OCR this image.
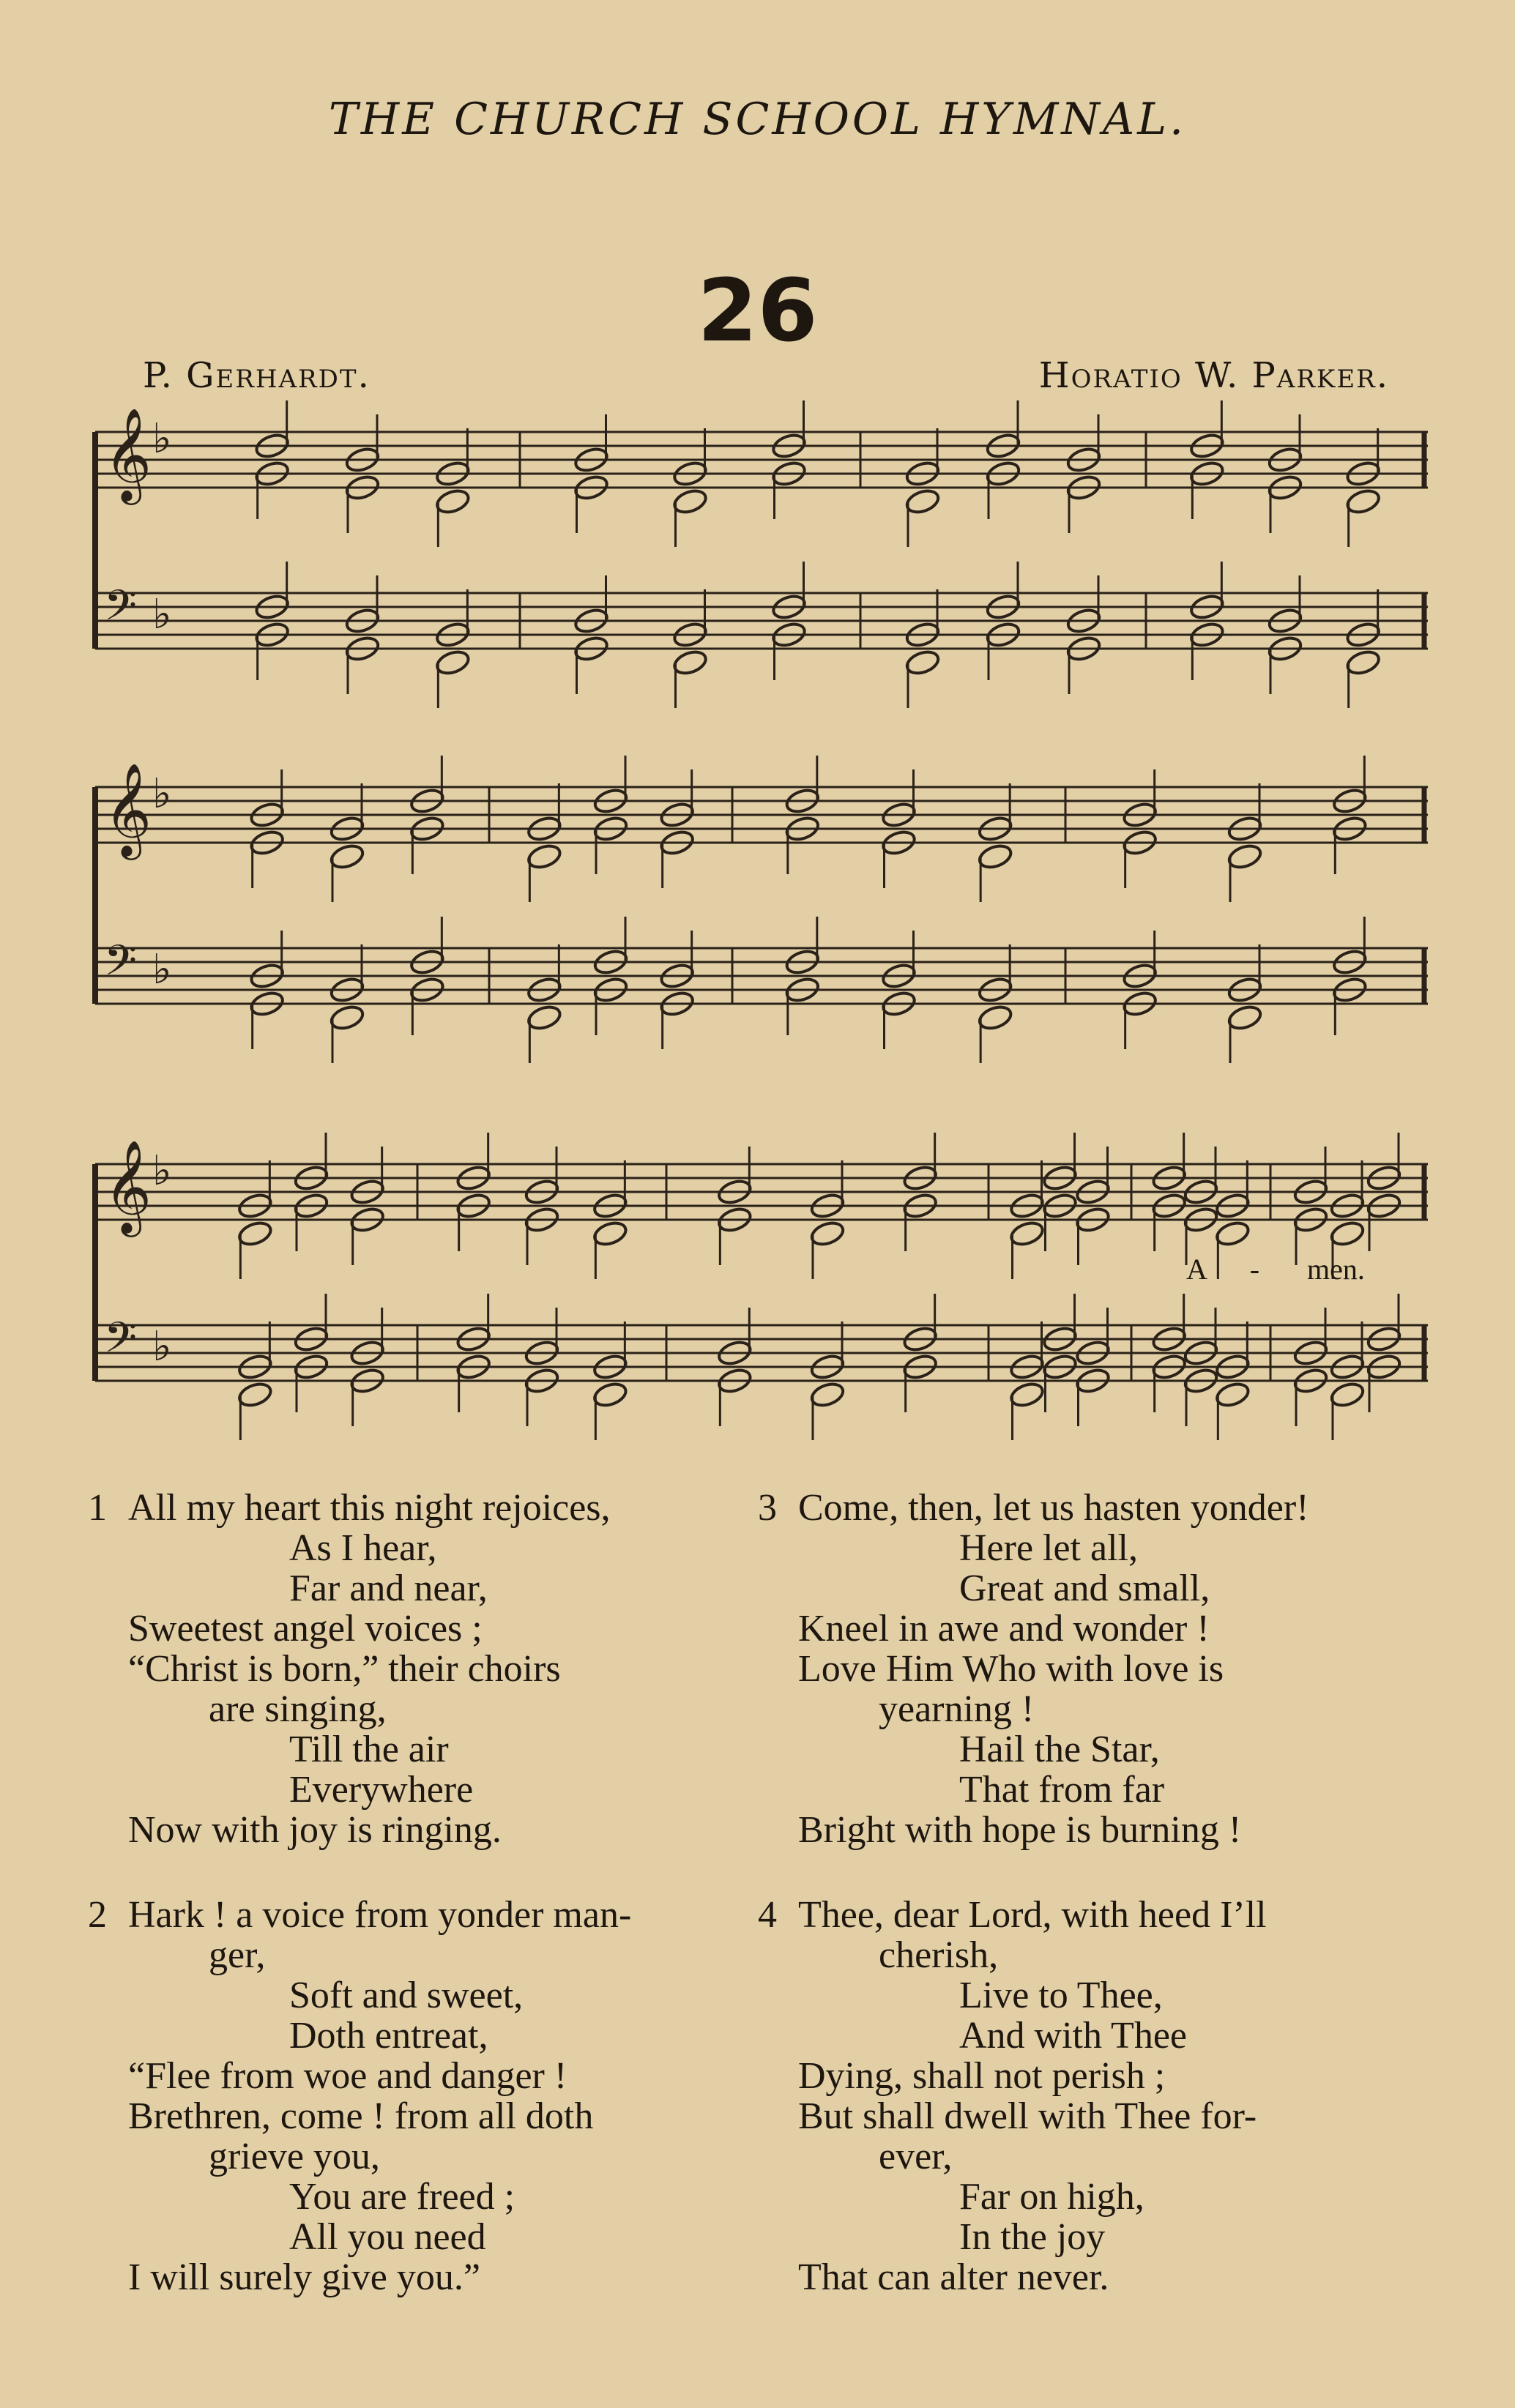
THE CHURCH SCHOOL HYMNAL.
26
P. Gerhardt.	Horatio W. Parker.
𝄞 ♭
𝄢 ♭
𝄞 ♭
𝄢 ♭
𝄞 ♭
𝄢 ♭
A - men.
1 All my heart this night rejoices,
As I hear,
Far and near,
Sweetest angel voices ;
“Christ is born,” their choirs
are singing,
Till the air
Everywhere
Now with joy is ringing.
2 Hark ! a voice from yonder man-
ger,
Soft and sweet,
Doth entreat,
“Flee from woe and danger !
Brethren, come ! from all doth
grieve you,
You are freed ;
All you need
I will surely give you.”
3 Come, then, let us hasten yonder!
Here let all,
Great and small,
Kneel in awe and wonder !
Love Him Who with love is
yearning !
Hail the Star,
That from far
Bright with hope is burning !
4 Thee, dear Lord, with heed I’ll
cherish,
Live to Thee,
And with Thee
Dying, shall not perish ;
But shall dwell with Thee for-
ever,
Far on high,
In the joy
That can alter never.
